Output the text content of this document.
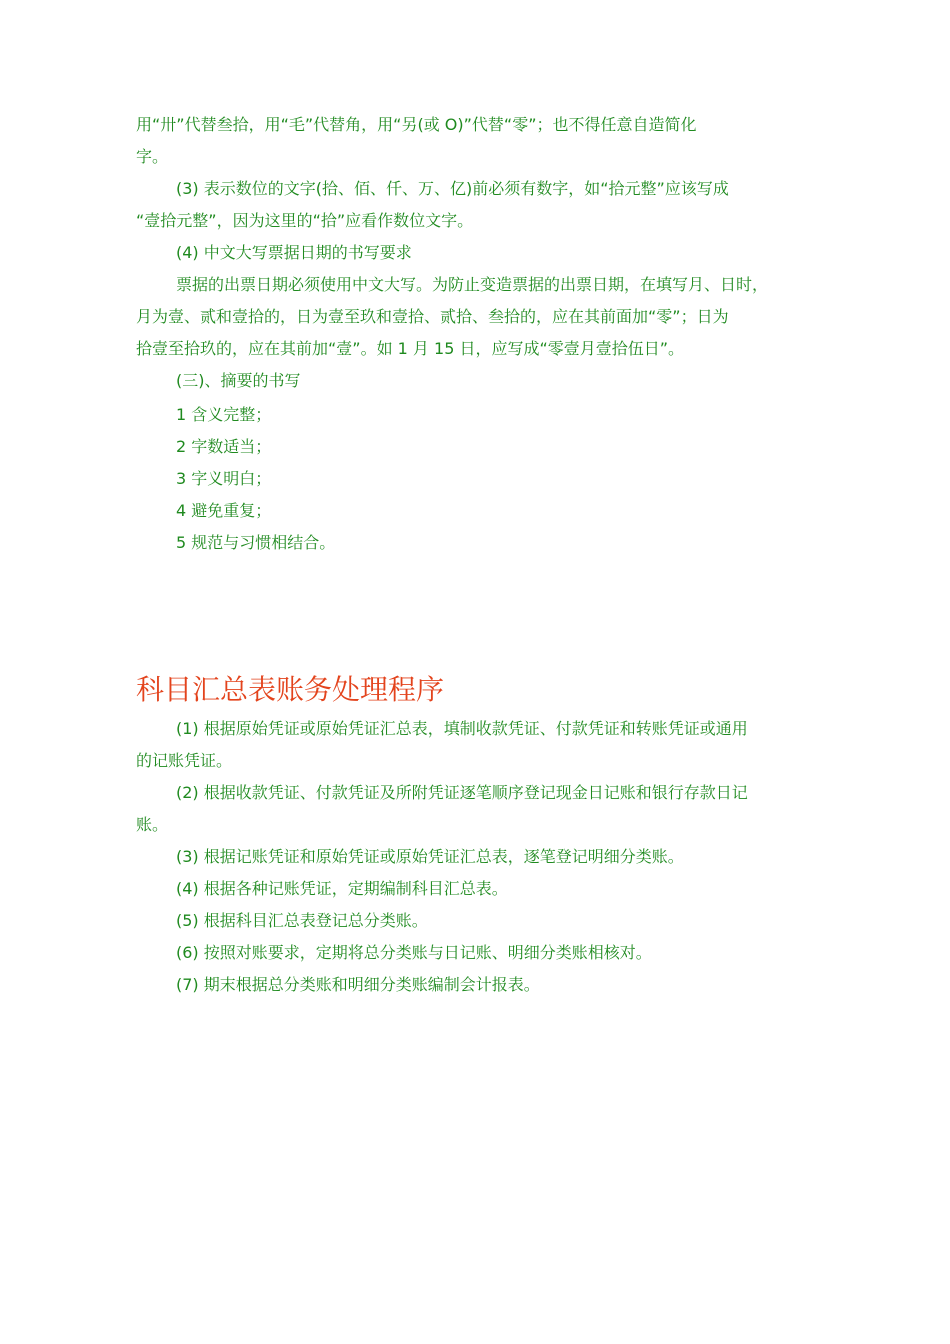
用“卅”代替叁拾，用“毛”代替角，用“另(或 O)”代替“零”；也不得任意自造简化
字。
(3) 表示数位的文字(拾、佰、仟、万、亿)前必须有数字，如“拾元整”应该写成
“壹拾元整”，因为这里的“拾”应看作数位文字。
(4) 中文大写票据日期的书写要求
票据的出票日期必须使用中文大写。为防止变造票据的出票日期，在填写月、日时，
月为壹、贰和壹拾的，日为壹至玖和壹拾、贰拾、叁拾的，应在其前面加“零”；日为
拾壹至拾玖的，应在其前加“壹”。如 1 月 15 日，应写成“零壹月壹拾伍日”。
(三)、摘要的书写
1 含义完整；
2 字数适当；
3 字义明白；
4 避免重复；
5 规范与习惯相结合。
科目汇总表账务处理程序
(1) 根据原始凭证或原始凭证汇总表，填制收款凭证、付款凭证和转账凭证或通用
的记账凭证。
(2) 根据收款凭证、付款凭证及所附凭证逐笔顺序登记现金日记账和银行存款日记
账。
(3) 根据记账凭证和原始凭证或原始凭证汇总表，逐笔登记明细分类账。
(4) 根据各种记账凭证，定期编制科目汇总表。
(5) 根据科目汇总表登记总分类账。
(6) 按照对账要求，定期将总分类账与日记账、明细分类账相核对。
(7) 期末根据总分类账和明细分类账编制会计报表。
